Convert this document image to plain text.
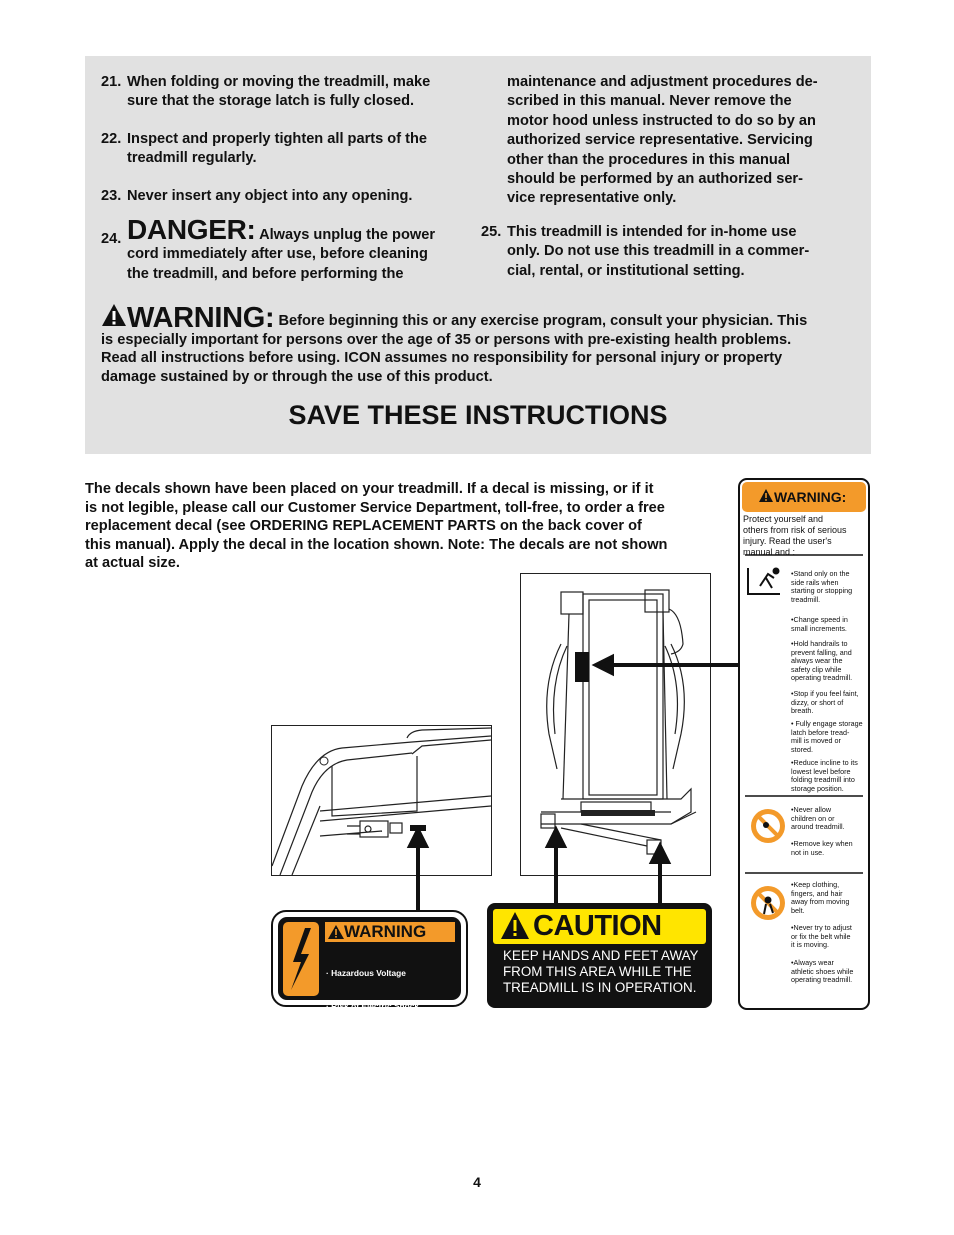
21. When folding or moving the treadmill, make
sure that the storage latch is fully closed.
22. Inspect and properly tighten all parts of the
treadmill regularly.
23. Never insert any object into any opening.
24. DANGER: Always unplug the power
cord immediately after use, before cleaning
the treadmill, and before performing the
maintenance and adjustment procedures de-
scribed in this manual. Never remove the
motor hood unless instructed to do so by an
authorized service representative. Servicing
other than the procedures in this manual
should be performed by an authorized ser-
vice representative only.
25. This treadmill is intended for in-home use
only. Do not use this treadmill in a commer-
cial, rental, or institutional setting.
WARNING: Before beginning this or any exercise program, consult your physician. This
is especially important for persons over the age of 35 or persons with pre-existing health problems.
Read all instructions before using. ICON assumes no responsibility for personal injury or property
damage sustained by or through the use of this product.
SAVE THESE INSTRUCTIONS
The decals shown have been placed on your treadmill. If a decal is missing, or if it
is not legible, please call our Customer Service Department, toll-free, to order a free
replacement decal (see ORDERING REPLACEMENT PARTS on the back cover of
this manual). Apply the decal in the location shown. Note: The decals are not shown
at actual size.
WARNING

· Hazardous Voltage

· Risk of Electric Shock

· Unplug Treadmill before Assembly

/Disassembly.

CAUTION
KEEP HANDS AND FEET AWAY
FROM THIS AREA WHILE THE
TREADMILL IS IN OPERATION.
WARNING:
Protect yourself and
others from risk of serious
injury. Read the user's
manual and :
•Stand only on the
side rails when
starting or stopping
treadmill.
•Change speed in
small increments.
•Hold handrails to
prevent falling, and
always wear the
safety clip while
operating treadmill.
•Stop if you feel faint,
dizzy, or short of
breath.
• Fully engage storage
latch before tread-
mill is moved or
stored.
•Reduce incline to its
lowest level before
folding treadmill into
storage position.
•Never allow
children on or
around treadmill.
•Remove key when
not in use.
•Keep clothing,
fingers, and hair
away from moving
belt.
•Never try to adjust
or fix the belt while
it is moving.
•Always wear
athletic shoes while
operating treadmill.
4
